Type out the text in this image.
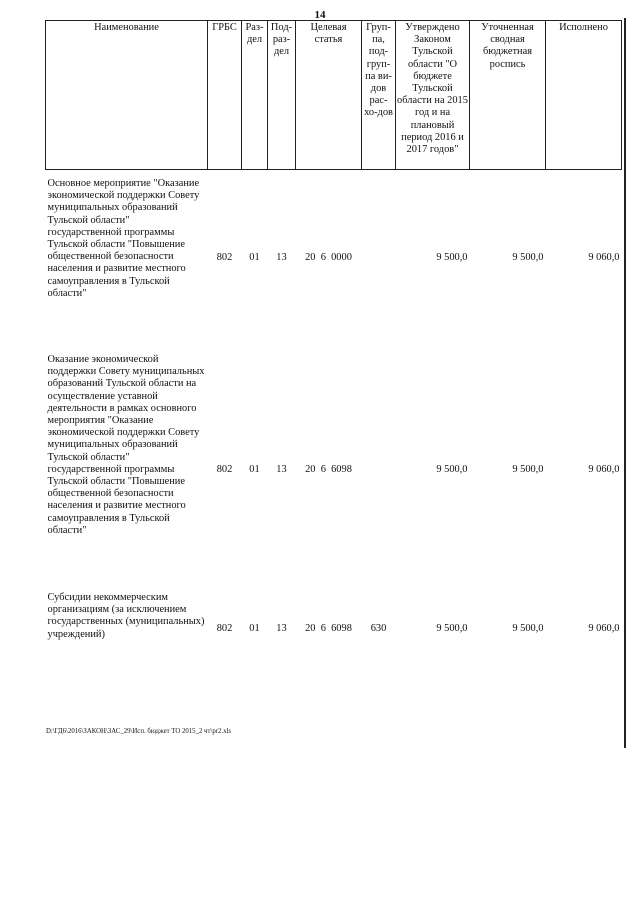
14
Наименование	ГРБС	Раз-дел	Под-раз-дел	Целевая статья	Груп-па, под-груп-па ви-дов рас-хо-дов	Утверждено Законом Тульской области "О бюджете Тульской области на 2015 год и на плановый период 2016 и 2017 годов"	Уточненная сводная бюджетная роспись	Исполнено

Основное мероприятие "Оказание экономической поддержки Совету муниципальных образований Тульской области" государственной программы Тульской области "Повышение общественной безопасности населения и развитие местного самоуправления в Тульской области"	802	01	13	20 6 0000		9 500,0	9 500,0	9 060,0

Оказание экономической поддержки Совету муниципальных образований Тульской области на осуществление уставной деятельности в рамках основного мероприятия "Оказание экономической поддержки Совету муниципальных образований Тульской области" государственной программы Тульской области "Повышение общественной безопасности населения и развитие местного самоуправления в Тульской области"	802	01	13	20 6 6098		9 500,0	9 500,0	9 060,0

Субсидии некоммерческим организациям (за исключением государственных (муниципальных) учреждений)	802	01	13	20 6 6098	630	9 500,0	9 500,0	9 060,0
D:\ГД6\2016\ЗАКОН\ЗАС_29\Исп. бюджет ТО 2015_2 чт\pr2.xls
